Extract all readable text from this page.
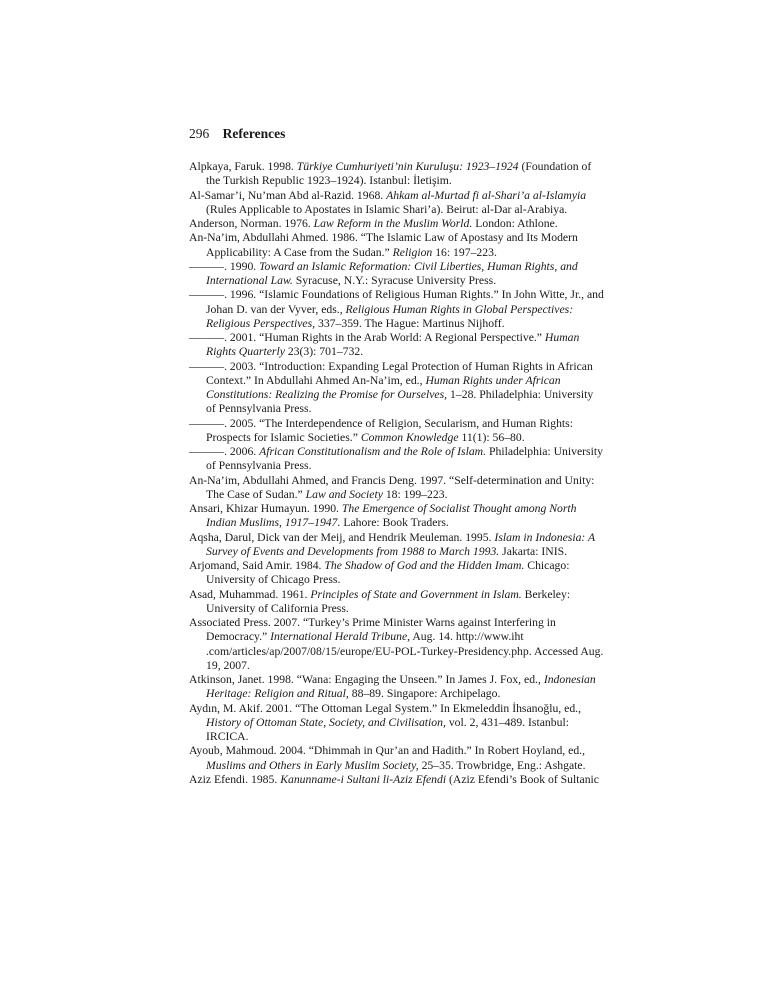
296 References

Alpkaya, Faruk. 1998. Türkiye Cumhuriyeti’nin Kuruluşu: 1923–1924 (Foundation of the Turkish Republic 1923–1924). Istanbul: İletişim.

Al-Samar’i, Nu’man Abd al-Razid. 1968. Ahkam al-Murtad fi al-Shari’a al-Islamyia (Rules Applicable to Apostates in Islamic Shari’a). Beirut: al-Dar al-Arabiya.

Anderson, Norman. 1976. Law Reform in the Muslim World. London: Athlone.

An-Na’im, Abdullahi Ahmed. 1986. “The Islamic Law of Apostasy and Its Modern Applicability: A Case from the Sudan.” Religion 16: 197–223.

———. 1990. Toward an Islamic Reformation: Civil Liberties, Human Rights, and International Law. Syracuse, N.Y.: Syracuse University Press.

———. 1996. “Islamic Foundations of Religious Human Rights.” In John Witte, Jr., and Johan D. van der Vyver, eds., Religious Human Rights in Global Perspectives: Religious Perspectives, 337–359. The Hague: Martinus Nijhoff.

———. 2001. “Human Rights in the Arab World: A Regional Perspective.” Human Rights Quarterly 23(3): 701–732.

———. 2003. “Introduction: Expanding Legal Protection of Human Rights in African Context.” In Abdullahi Ahmed An-Na’im, ed., Human Rights under African Constitutions: Realizing the Promise for Ourselves, 1–28. Philadelphia: University of Pennsylvania Press.

———. 2005. “The Interdependence of Religion, Secularism, and Human Rights: Prospects for Islamic Societies.” Common Knowledge 11(1): 56–80.

———. 2006. African Constitutionalism and the Role of Islam. Philadelphia: University of Pennsylvania Press.

An-Na’im, Abdullahi Ahmed, and Francis Deng. 1997. “Self-determination and Unity: The Case of Sudan.” Law and Society 18: 199–223.

Ansari, Khizar Humayun. 1990. The Emergence of Socialist Thought among North Indian Muslims, 1917–1947. Lahore: Book Traders.

Aqsha, Darul, Dick van der Meij, and Hendrik Meuleman. 1995. Islam in Indonesia: A Survey of Events and Developments from 1988 to March 1993. Jakarta: INIS.

Arjomand, Said Amir. 1984. The Shadow of God and the Hidden Imam. Chicago: University of Chicago Press.

Asad, Muhammad. 1961. Principles of State and Government in Islam. Berkeley: University of California Press.

Associated Press. 2007. “Turkey’s Prime Minister Warns against Interfering in Democracy.” International Herald Tribune, Aug. 14. http://www.iht .com/articles/ap/2007/08/15/europe/EU-POL-Turkey-Presidency.php. Accessed Aug. 19, 2007.

Atkinson, Janet. 1998. “Wana: Engaging the Unseen.” In James J. Fox, ed., Indonesian Heritage: Religion and Ritual, 88–89. Singapore: Archipelago.

Aydın, M. Akif. 2001. “The Ottoman Legal System.” In Ekmeleddin İhsanoğlu, ed., History of Ottoman State, Society, and Civilisation, vol. 2, 431–489. Istanbul: IRCICA.

Ayoub, Mahmoud. 2004. “Dhimmah in Qur’an and Hadith.” In Robert Hoyland, ed., Muslims and Others in Early Muslim Society, 25–35. Trowbridge, Eng.: Ashgate.

Aziz Efendi. 1985. Kanunname-i Sultani li-Aziz Efendi (Aziz Efendi’s Book of Sultanic
